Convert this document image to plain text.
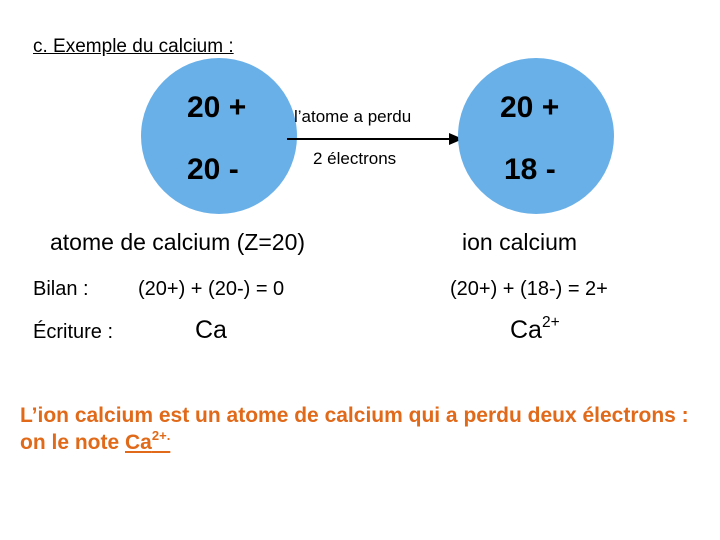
c. Exemple du calcium :
20 +
20 -
l’atome a perdu
2 électrons
20 +
18 -
atome de calcium (Z=20)	ion calcium
Bilan : (20+) + (20-) = 0	(20+) + (18-) = 2+
Écriture :	Ca	$Ca^{2+}$
L’ion calcium est un atome de calcium qui a perdu deux électrons : on le note $Ca^{2+.}$
